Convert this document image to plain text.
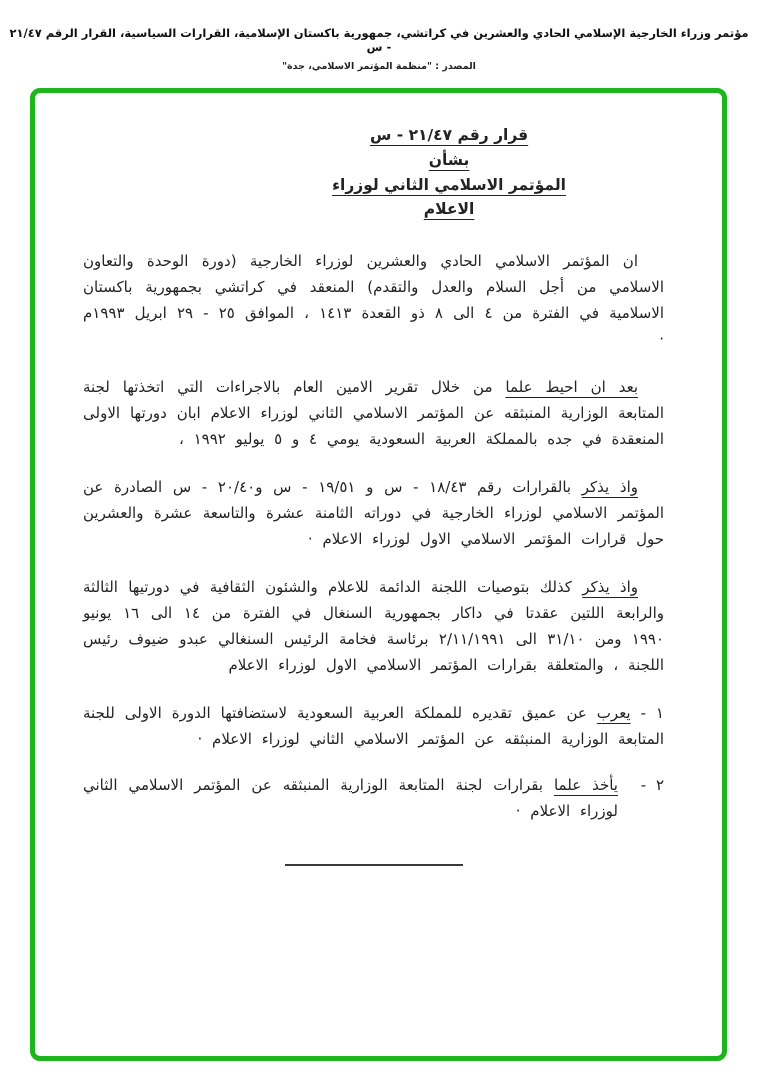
مؤتمر وزراء الخارجية الإسلامي الحادي والعشرين في كراتشي، جمهورية باكستان الإسلامية، القرارات السياسية، القرار الرقم ٢١/٤٧ - س
المصدر : "منظمة المؤتمر الاسلامي، جدة"
قرار رقم ٢١/٤٧ - س
بشأن
المؤتمر الاسلامي الثاني لوزراء الاعلام

ان المؤتمر الاسلامي الحادي والعشرين لوزراء الخارجية (دورة الوحدة والتعاون الاسلامي من أجل السلام والعدل والتقدم) المنعقد في كراتشي بجمهورية باكستان الاسلامية في الفترة من ٤ الى ٨ ذو القعدة ١٤١٣ ، الموافق ٢٥ - ٢٩ ابريل ١٩٩٣م ·

بعد ان احيط علما من خلال تقرير الامين العام بالاجراءات التي اتخذتها لجنة المتابعة الوزارية المنبثقه عن المؤتمر الاسلامي الثاني لوزراء الاعلام ابان دورتها الاولى المنعقدة في جده بالمملكة العربية السعودية يومي ٤ و ٥ يوليو ١٩٩٢ ،

واذ يذكر بالقرارات رقم ١٨/٤٣ - س و ١٩/٥١ - س و٢٠/٤٠ - س الصادرة عن المؤتمر الاسلامي لوزراء الخارجية في دوراته الثامنة عشرة والتاسعة عشرة والعشرين حول قرارات المؤتمر الاسلامي الاول لوزراء الاعلام ·

واذ يذكر كذلك بتوصيات اللجنة الدائمة للاعلام والشئون الثقافية في دورتيها الثالثة والرابعة اللتين عقدتا في داكار بجمهورية السنغال في الفترة من ١٤ الى ١٦ يونيو ١٩٩٠ ومن ٣١/١٠ الى ٢/١١/١٩٩١ برئاسة فخامة الرئيس السنغالي عبدو ضيوف رئيس اللجنة ، والمتعلقة بقرارات المؤتمر الاسلامي الاول لوزراء الاعلام

١ - يعرب عن عميق تقديره للمملكة العربية السعودية لاستضافتها الدورة الاولى للجنة المتابعة الوزارية المنبثقه عن المؤتمر الاسلامي الثاني لوزراء الاعلام ·

٢ -
يأخذ علما بقرارات لجنة المتابعة الوزارية المنبثقه عن المؤتمر الاسلامي الثاني لوزراء الاعلام ·
